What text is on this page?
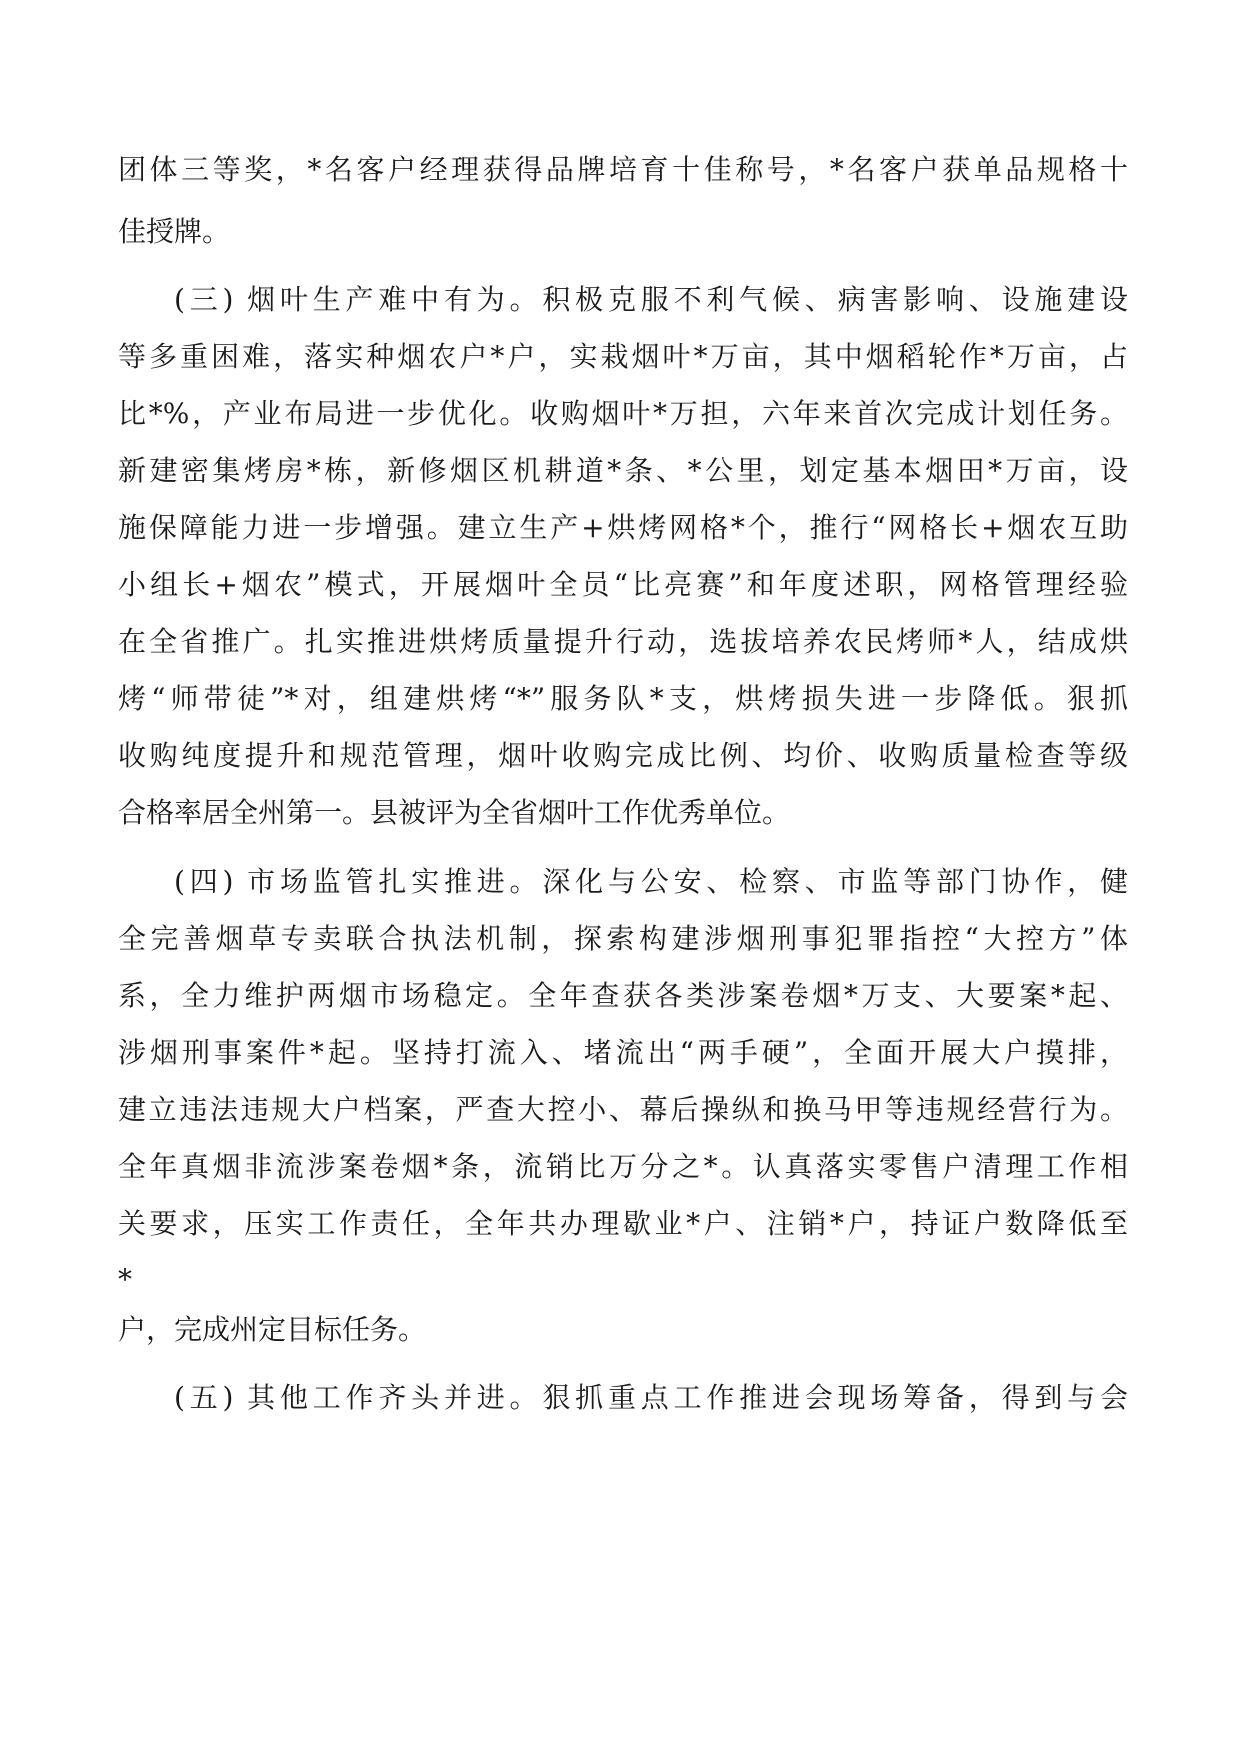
团体三等奖，*名客户经理获得品牌培育十佳称号，*名客户获单品规格十
佳授牌。
(三) 烟叶生产难中有为。积极克服不利气候、病害影响、设施建设
等多重困难，落实种烟农户*户，实栽烟叶*万亩，其中烟稻轮作*万亩，占
比*%，产业布局进一步优化。收购烟叶*万担，六年来首次完成计划任务。
新建密集烤房*栋，新修烟区机耕道*条、*公里，划定基本烟田*万亩，设
施保障能力进一步增强。建立生产+烘烤网格*个，推行“网格长+烟农互助
小组长+烟农”模式，开展烟叶全员“比亮赛”和年度述职，网格管理经验
在全省推广。扎实推进烘烤质量提升行动，选拔培养农民烤师*人，结成烘
烤“师带徒”*对，组建烘烤“*”服务队*支，烘烤损失进一步降低。狠抓
收购纯度提升和规范管理，烟叶收购完成比例、均价、收购质量检查等级
合格率居全州第一。县被评为全省烟叶工作优秀单位。
(四) 市场监管扎实推进。深化与公安、检察、市监等部门协作，健
全完善烟草专卖联合执法机制，探索构建涉烟刑事犯罪指控“大控方”体
系，全力维护两烟市场稳定。全年查获各类涉案卷烟*万支、大要案*起、
涉烟刑事案件*起。坚持打流入、堵流出“两手硬”，全面开展大户摸排，
建立违法违规大户档案，严查大控小、幕后操纵和换马甲等违规经营行为。
全年真烟非流涉案卷烟*条，流销比万分之*。认真落实零售户清理工作相
关要求，压实工作责任，全年共办理歇业*户、注销*户，持证户数降低至
*
户，完成州定目标任务。
(五) 其他工作齐头并进。狠抓重点工作推进会现场筹备，得到与会
